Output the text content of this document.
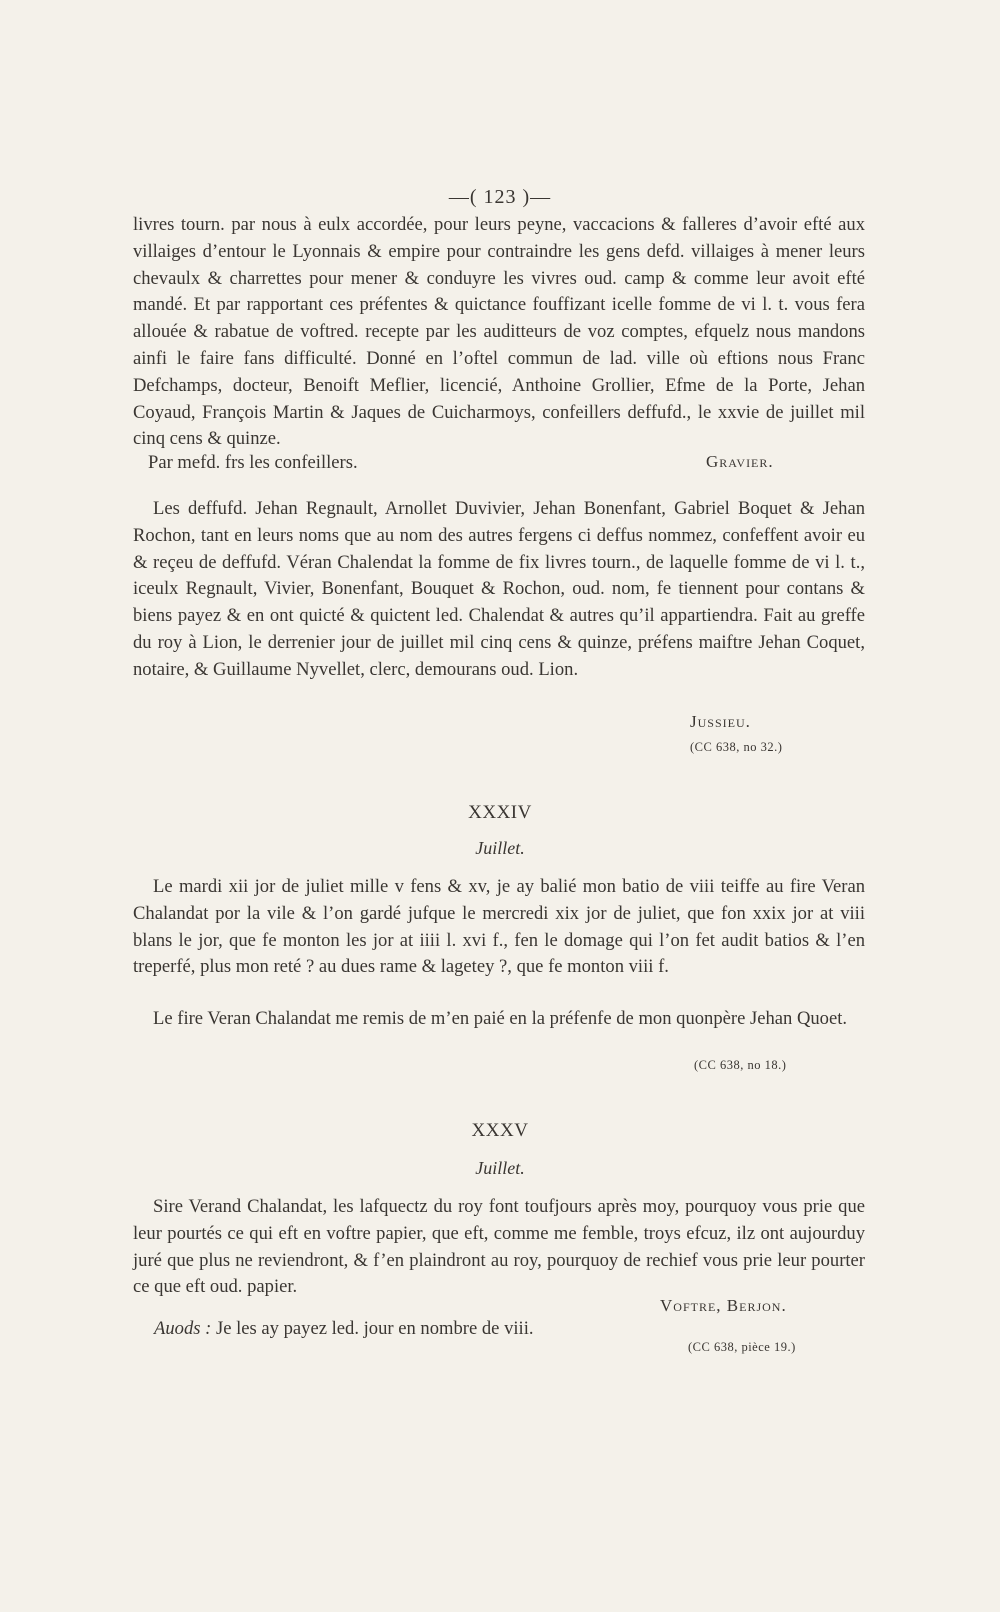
—( 123 )—

livres tourn. par nous à eulx accordée, pour leurs peyne, vaccacions & falleres d’avoir efté aux villaiges d’entour le Lyonnais & empire pour contraindre les gens defd. villaiges à mener leurs chevaulx & charrettes pour mener & conduyre les vivres oud. camp & comme leur avoit efté mandé. Et par rapportant ces préfentes & quictance fouffizant icelle fomme de vi l. t. vous fera allouée & rabatue de voftred. recepte par les auditteurs de voz comptes, efquelz nous mandons ainfi le faire fans difficulté. Donné en l’oftel commun de lad. ville où eftions nous Franc Defchamps, docteur, Benoift Meflier, licencié, Anthoine Grollier, Efme de la Porte, Jehan Coyaud, François Martin & Jaques de Cuicharmoys, confeillers deffufd., le xxvie de juillet mil cinq cens & quinze.

Par mefd. frs les confeillers.	Gravier.

Les deffufd. Jehan Regnault, Arnollet Duvivier, Jehan Bonenfant, Gabriel Boquet & Jehan Rochon, tant en leurs noms que au nom des autres fergens ci deffus nommez, confeffent avoir eu & reçeu de deffufd. Véran Chalendat la fomme de fix livres tourn., de laquelle fomme de vi l. t., iceulx Regnault, Vivier, Bonenfant, Bouquet & Rochon, oud. nom, fe tiennent pour contans & biens payez & en ont quicté & quictent led. Chalendat & autres qu’il appartiendra. Fait au greffe du roy à Lion, le derrenier jour de juillet mil cinq cens & quinze, préfens maiftre Jehan Coquet, notaire, & Guillaume Nyvellet, clerc, demourans oud. Lion.

Jussieu.
(CC 638, no 32.)
XXXIV
Juillet.

Le mardi xii jor de juliet mille v fens & xv, je ay balié mon batio de viii teiffe au fire Veran Chalandat por la vile & l’on gardé jufque le mercredi xix jor de juliet, que fon xxix jor at viii blans le jor, que fe monton les jor at iiii l. xvi f., fen le domage qui l’on fet audit batios & l’en treperfé, plus mon reté ? au dues rame & lagetey ?, que fe monton viii f.

Le fire Veran Chalandat me remis de m’en paié en la préfenfe de mon quonpère Jehan Quoet.

(CC 638, no 18.)
XXXV
Juillet.

Sire Verand Chalandat, les lafquectz du roy font toufjours après moy, pourquoy vous prie que leur pourtés ce qui eft en voftre papier, que eft, comme me femble, troys efcuz, ilz ont aujourduy juré que plus ne reviendront, & f’en plaindront au roy, pourquoy de rechief vous prie leur pourter ce que eft oud. papier.

Voftre, Berjon.
Auods : Je les ay payez led. jour en nombre de viii.
(CC 638, pièce 19.)
